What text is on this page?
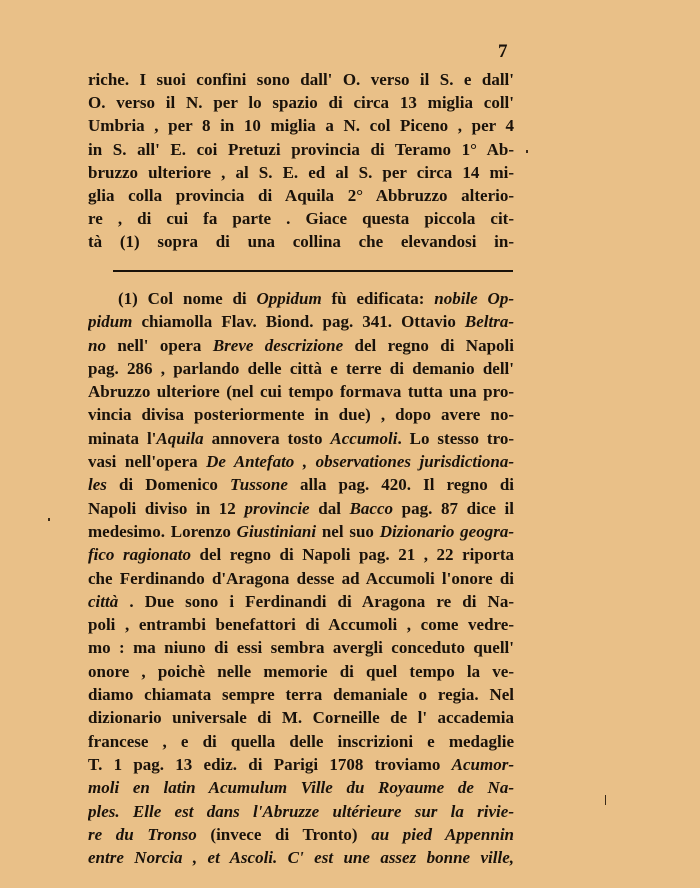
7
riche. I suoi confini sono dall' O. verso il S. e dall'
O. verso il N. per lo spazio di circa 13 miglia coll'
Umbria , per 8 in 10 miglia a N. col Piceno , per 4
in S. all' E. coi Pretuzi provincia di Teramo 1° Ab-
bruzzo ulteriore , al S. E. ed al S. per circa 14 mi-
glia colla provincia di Aquila 2° Abbruzzo alterio-
re , di cui fa parte . Giace questa piccola cit-
tà (1) sopra di una collina che elevandosi in-
(1) Col nome di Oppidum fù edificata: nobile Op-
pidum chiamolla Flav. Biond. pag. 341. Ottavio Beltra-
no nell' opera Breve descrizione del regno di Napoli
pag. 286 , parlando delle città e terre di demanio dell'
Abruzzo ulteriore (nel cui tempo formava tutta una pro-
vincia divisa posteriormente in due) , dopo avere no-
minata l'Aquila annovera tosto Accumoli. Lo stesso tro-
vasi nell'opera De Antefato , observationes jurisdictiona-
les di Domenico Tussone alla pag. 420. Il regno di
Napoli diviso in 12 provincie dal Bacco pag. 87 dice il
medesimo. Lorenzo Giustiniani nel suo Dizionario geogra-
fico ragionato del regno di Napoli pag. 21 , 22 riporta
che Ferdinando d'Aragona desse ad Accumoli l'onore di
città . Due sono i Ferdinandi di Aragona re di Na-
poli , entrambi benefattori di Accumoli , come vedre-
mo : ma niuno di essi sembra avergli conceduto quell'
onore , poichè nelle memorie di quel tempo la ve-
diamo chiamata sempre terra demaniale o regia. Nel
dizionario universale di M. Corneille de l' accademia
francese , e di quella delle inscrizioni e medaglie
T. 1 pag. 13 ediz. di Parigi 1708 troviamo Acumor-
moli en latin Acumulum Ville du Royaume de Na-
ples. Elle est dans l'Abruzze ultérieure sur la rivie-
re du Tronso (invece di Tronto) au pied Appennin
entre Norcia , et Ascoli. C' est une assez bonne ville,
